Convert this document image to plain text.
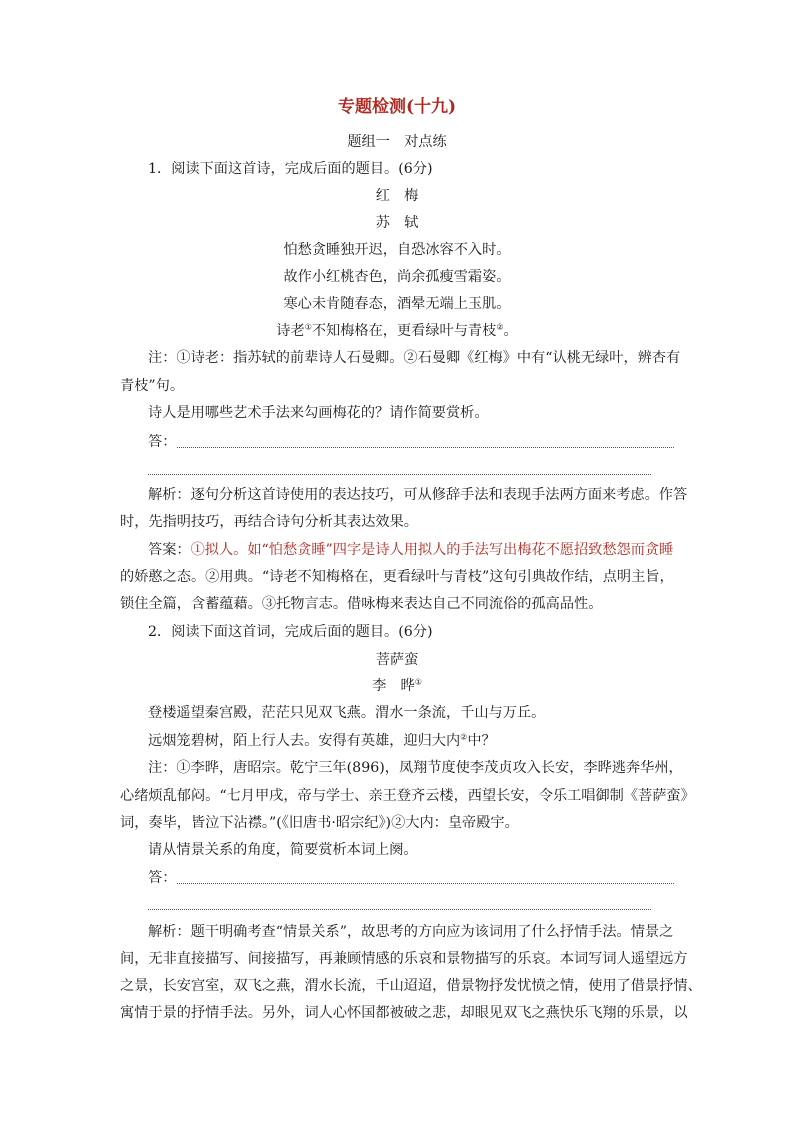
专题检测(十九)
题组一　对点练
1．阅读下面这首诗，完成后面的题目。(6分)
红　梅
苏　轼
怕愁贪睡独开迟，自恐冰容不入时。
故作小红桃杏色，尚余孤瘦雪霜姿。
寒心未肯随春态，酒晕无端上玉肌。
诗老①不知梅格在，更看绿叶与青枝②。
注：①诗老：指苏轼的前辈诗人石曼卿。②石曼卿《红梅》中有“认桃无绿叶，辨杏有
青枝”句。
诗人是用哪些艺术手法来勾画梅花的？请作简要赏析。
答：
解析：逐句分析这首诗使用的表达技巧，可从修辞手法和表现手法两方面来考虑。作答
时，先指明技巧，再结合诗句分析其表达效果。
答案：①拟人。如“怕愁贪睡”四字是诗人用拟人的手法写出梅花不愿招致愁怨而贪睡
的娇憨之态。②用典。“诗老不知梅格在，更看绿叶与青枝”这句引典故作结，点明主旨，
锁住全篇，含蓄蕴藉。③托物言志。借咏梅来表达自己不同流俗的孤高品性。
2．阅读下面这首词，完成后面的题目。(6分)
菩萨蛮
李　晔①
登楼遥望秦宫殿，茫茫只见双飞燕。渭水一条流，千山与万丘。
远烟笼碧树，陌上行人去。安得有英雄，迎归大内②中？
注：①李晔，唐昭宗。乾宁三年(896)，凤翔节度使李茂贞攻入长安，李晔逃奔华州，
心绪烦乱郁闷。“七月甲戌，帝与学士、亲王登齐云楼，西望长安，令乐工唱御制《菩萨蛮》
词，奏毕，皆泣下沾襟。”(《旧唐书·昭宗纪》)②大内：皇帝殿宇。
请从情景关系的角度，简要赏析本词上阕。
答：
解析：题干明确考查“情景关系”，故思考的方向应为该词用了什么抒情手法。情景之
间，无非直接描写、间接描写，再兼顾情感的乐哀和景物描写的乐哀。本词写词人遥望远方
之景，长安宫室，双飞之燕，渭水长流，千山迢迢，借景物抒发忧愤之情，使用了借景抒情、
寓情于景的抒情手法。另外，词人心怀国都被破之悲，却眼见双飞之燕快乐飞翔的乐景，以
